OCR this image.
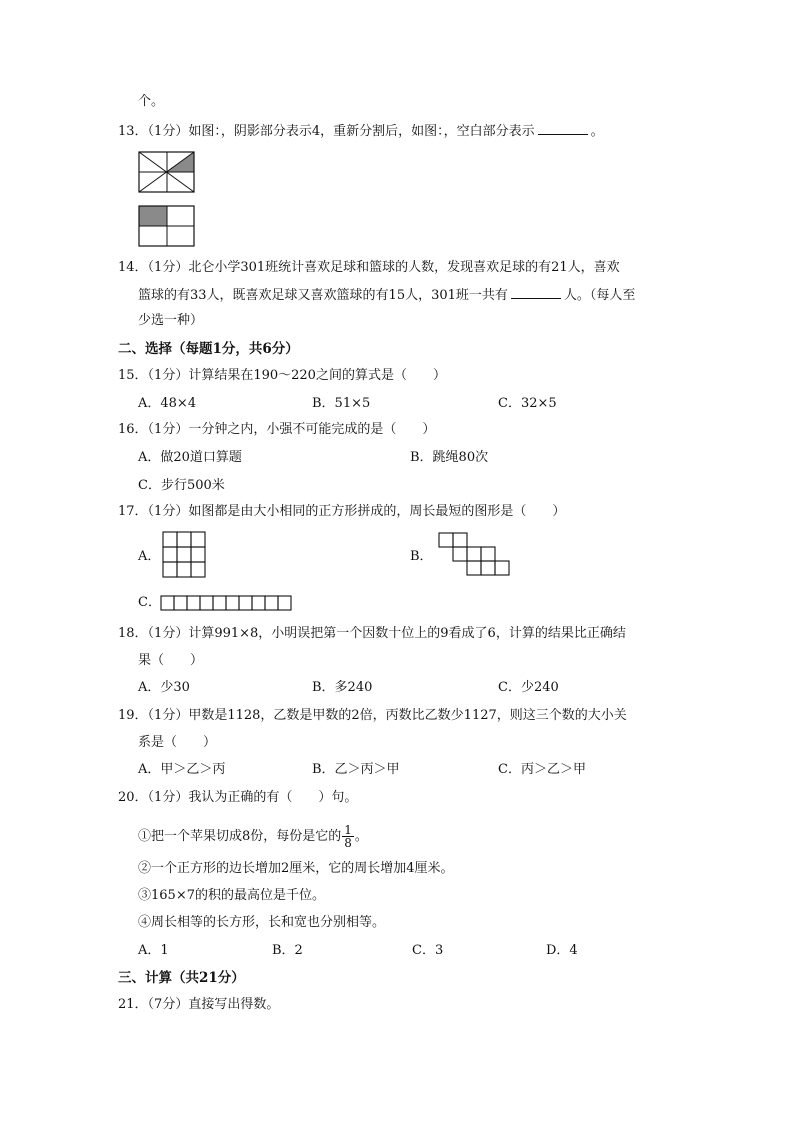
个。
13．（1分）如图：，阴影部分表示4，重新分割后，如图：，空白部分表示	。
14．（1分）北仑小学301班统计喜欢足球和篮球的人数，发现喜欢足球的有21人，喜欢
篮球的有33人，既喜欢足球又喜欢篮球的有15人，301班一共有	人。（每人至
少选一种）
二、选择（每题1分，共6分）
15．（1分）计算结果在190～220之间的算式是（　　）
A．48×4	B．51×5	C．32×5
16．（1分）一分钟之内，小强不可能完成的是（　　）
A．做20道口算题	B．跳绳80次
C．步行500米
17．（1分）如图都是由大小相同的正方形拼成的，周长最短的图形是（　　）
A．	B．
C．
18．（1分）计算991×8，小明误把第一个因数十位上的9看成了6，计算的结果比正确结
果（　　）
A．少30	B．多240	C．少240
19．（1分）甲数是1128，乙数是甲数的2倍，丙数比乙数少1127，则这三个数的大小关
系是（　　）
A．甲＞乙＞丙	B．乙＞丙＞甲	C．丙＞乙＞甲
20．（1分）我认为正确的有（　　）句。
①把一个苹果切成8份，每份是它的 $\frac{1}{8}$ 。
②一个正方形的边长增加2厘米，它的周长增加4厘米。
③165×7的积的最高位是千位。
④周长相等的长方形，长和宽也分别相等。
A．1	B．2	C．3	D．4
三、计算（共21分）
21．（7分）直接写出得数。
